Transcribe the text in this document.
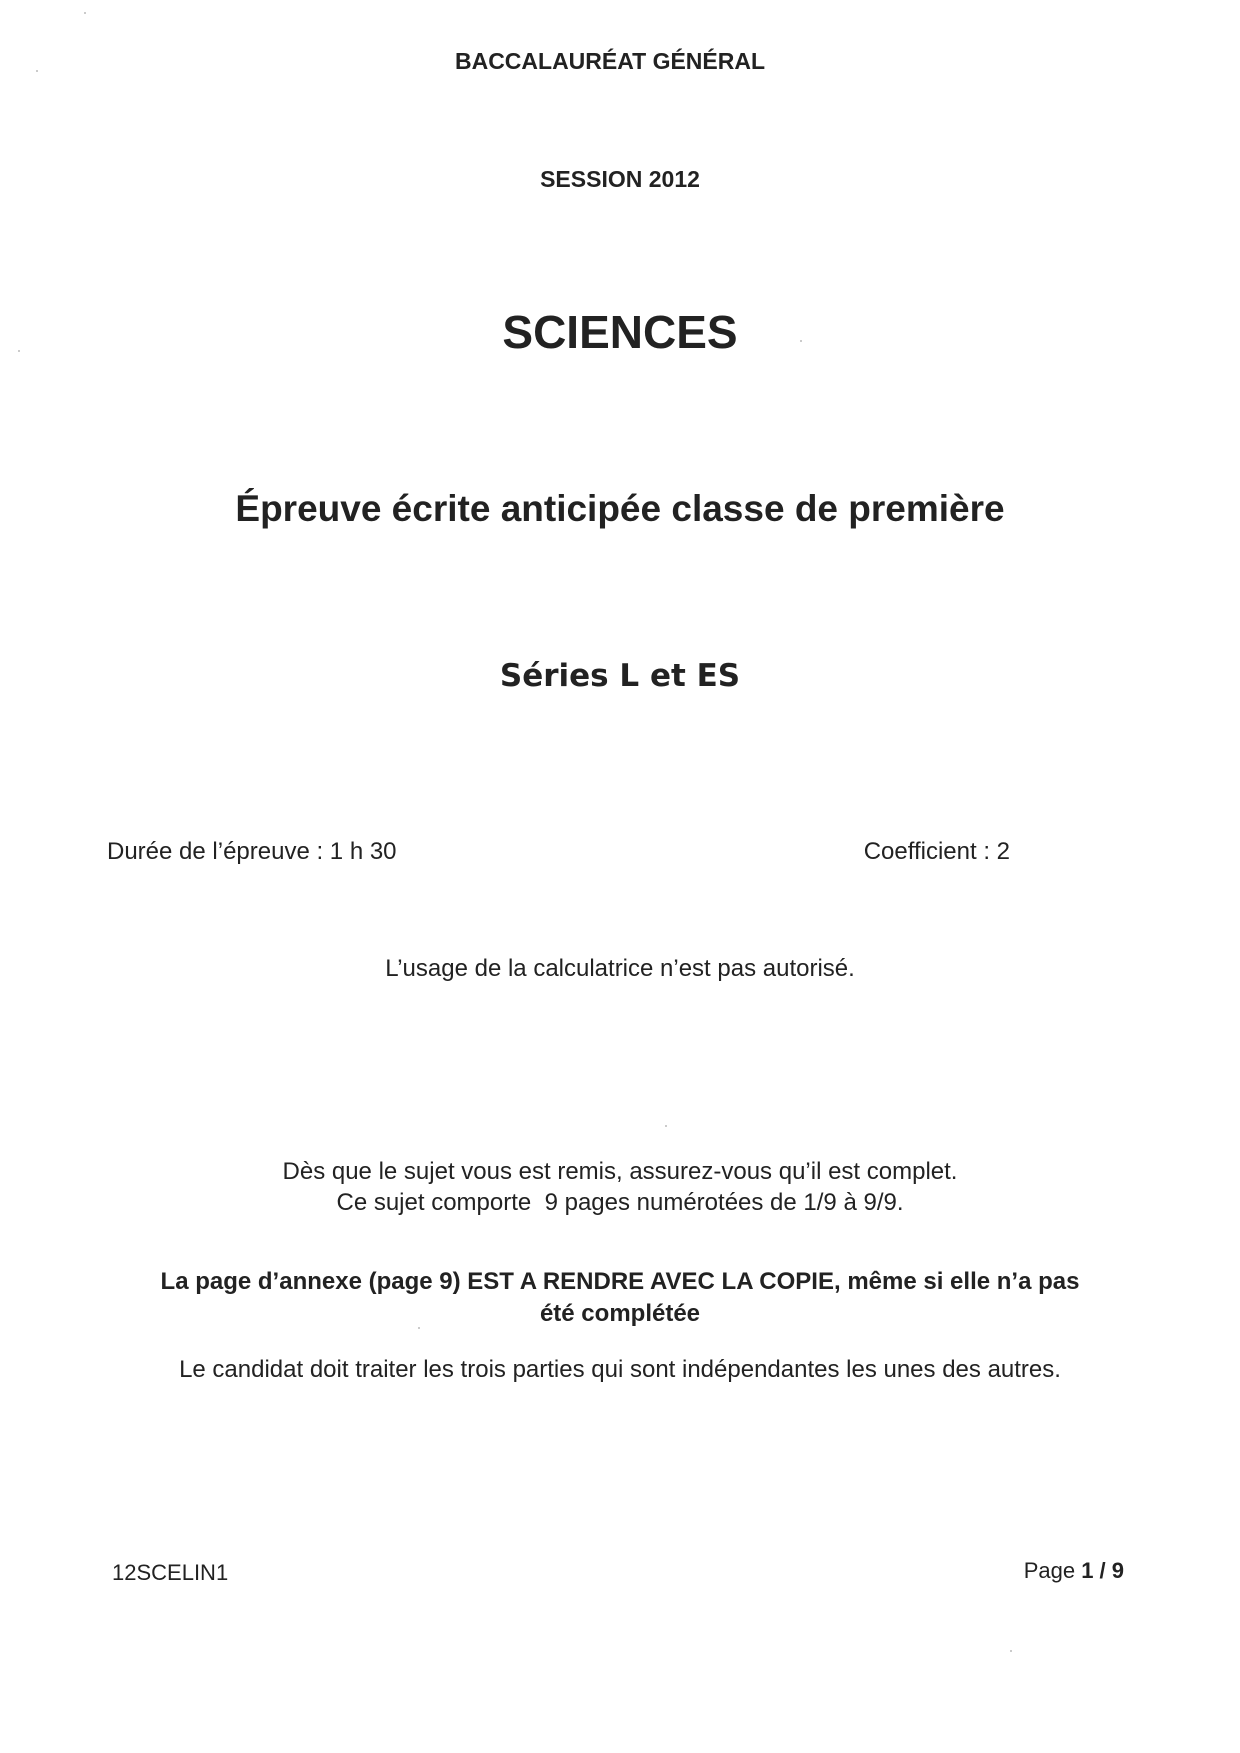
BACCALAURÉAT GÉNÉRAL
SESSION 2012
SCIENCES
Épreuve écrite anticipée classe de première
Séries L et ES
Durée de l’épreuve : 1 h 30	Coefficient : 2
L’usage de la calculatrice n’est pas autorisé.
Dès que le sujet vous est remis, assurez-vous qu’il est complet.
Ce sujet comporte  9 pages numérotées de 1/9 à 9/9.
La page d’annexe (page 9) EST A RENDRE AVEC LA COPIE, même si elle n’a pas
été complétée
Le candidat doit traiter les trois parties qui sont indépendantes les unes des autres.
12SCELIN1	Page 1 / 9
